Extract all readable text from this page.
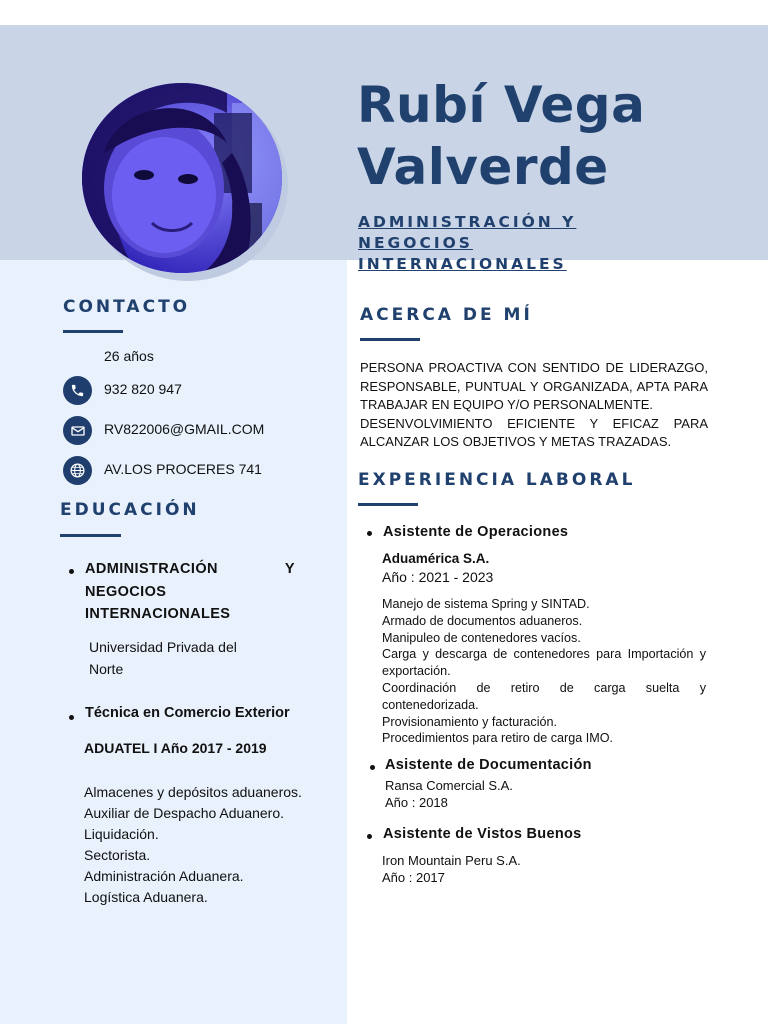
Rubí Vega
Valverde

ADMINISTRACIÓN Y NEGOCIOS
INTERNACIONALES

CONTACTO
26 años
932 820 947
RV822006@GMAIL.COM
AV.LOS PROCERES 741
EDUCACIÓN
ADMINISTRACIÓN	Y
NEGOCIOS
INTERNACIONALES

Universidad Privada del
Norte

Técnica en Comercio Exterior

ADUATEL I Año 2017 - 2019

Almacenes y depósitos aduaneros.
Auxiliar de Despacho Aduanero.
Liquidación.
Sectorista.
Administración Aduanera.
Logística Aduanera.
ACERCA DE MÍ
PERSONA PROACTIVA CON SENTIDO DE LIDERAZGO,
RESPONSABLE, PUNTUAL Y ORGANIZADA, APTA PARA
TRABAJAR EN EQUIPO Y/O PERSONALMENTE.
DESENVOLVIMIENTO EFICIENTE Y EFICAZ PARA
ALCANZAR LOS OBJETIVOS Y METAS TRAZADAS.
EXPERIENCIA LABORAL

Asistente de Operaciones

Aduamérica S.A.

Año : 2021 - 2023

Manejo de sistema Spring y SINTAD.
Armado de documentos aduaneros.
Manipuleo de contenedores vacíos.
Carga y descarga de contenedores para Importación y
exportación.
Coordinación de retiro de carga suelta y
contenedorizada.
Provisionamiento y facturación.
Procedimientos para retiro de carga IMO.

Asistente de Documentación

Ransa Comercial S.A.

Año : 2018

Asistente de Vistos Buenos

Iron Mountain Peru S.A.

Año : 2017
